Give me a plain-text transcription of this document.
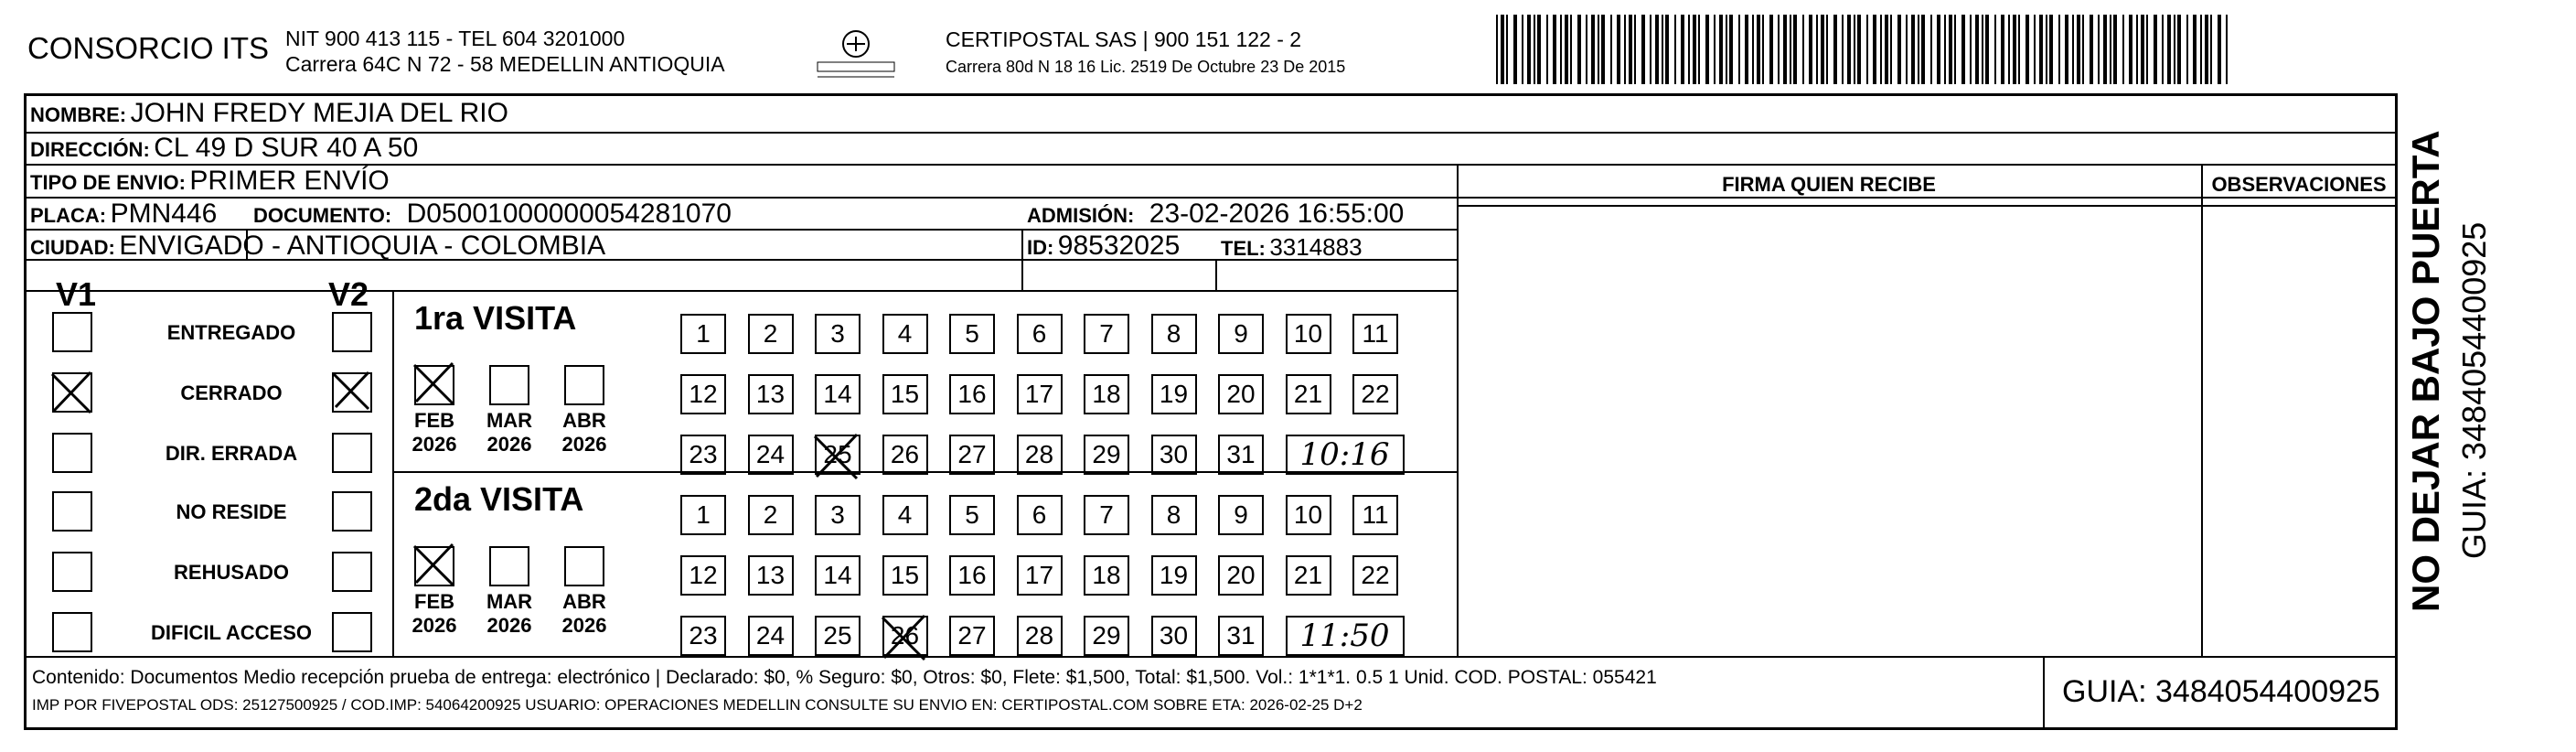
CONSORCIO ITS NIT 900 413 115 - TEL 604 3201000
Carrera 64C N 72 - 58 MEDELLIN ANTIOQUIA
CERTIPOSTAL SAS | 900 151 122 - 2
Carrera 80d N 18 16 Lic. 2519 De Octubre 23 De 2015
NOMBRE: JOHN FREDY MEJIA DEL RIO
DIRECCIÓN: CL 49 D SUR 40 A 50
TIPO DE ENVIO: PRIMER ENVÍO
PLACA: PMN446 DOCUMENTO: D05001000000054281070	ADMISIÓN: 23-02-2026 16:55:00
CIUDAD: ENVIGADO - ANTIOQUIA - COLOMBIA	ID: 98532025 TEL: 3314883
FIRMA QUIEN RECIBE	OBSERVACIONES
V1	V2
ENTREGADO
CERRADO
DIR. ERRADA
NO RESIDE
REHUSADO
DIFICIL ACCESO
1ra VISITA
FEB
2026
MAR
2026
ABR
2026
1	2	3	4	5	6	7	8	9	10	11
12	13	14	15	16	17	18	19	20	21	22
23	24	25	26	27	28	29	30	31	10:16
2da VISITA
FEB
2026
MAR
2026
ABR
2026
1	2	3	4	5	6	7	8	9	10	11
12	13	14	15	16	17	18	19	20	21	22
23	24	25	26	27	28	29	30	31	11:50
Contenido: Documentos Medio recepción prueba de entrega: electrónico | Declarado: $0, % Seguro: $0, Otros: $0, Flete: $1,500, Total: $1,500. Vol.: 1*1*1. 0.5 1 Unid. COD. POSTAL: 055421
IMP POR FIVEPOSTAL ODS: 25127500925 / COD.IMP: 54064200925 USUARIO: OPERACIONES MEDELLIN CONSULTE SU ENVIO EN: CERTIPOSTAL.COM SOBRE ETA: 2026-02-25 D+2	GUIA: 3484054400925
NO DEJAR BAJO PUERTA GUIA: 3484054400925
